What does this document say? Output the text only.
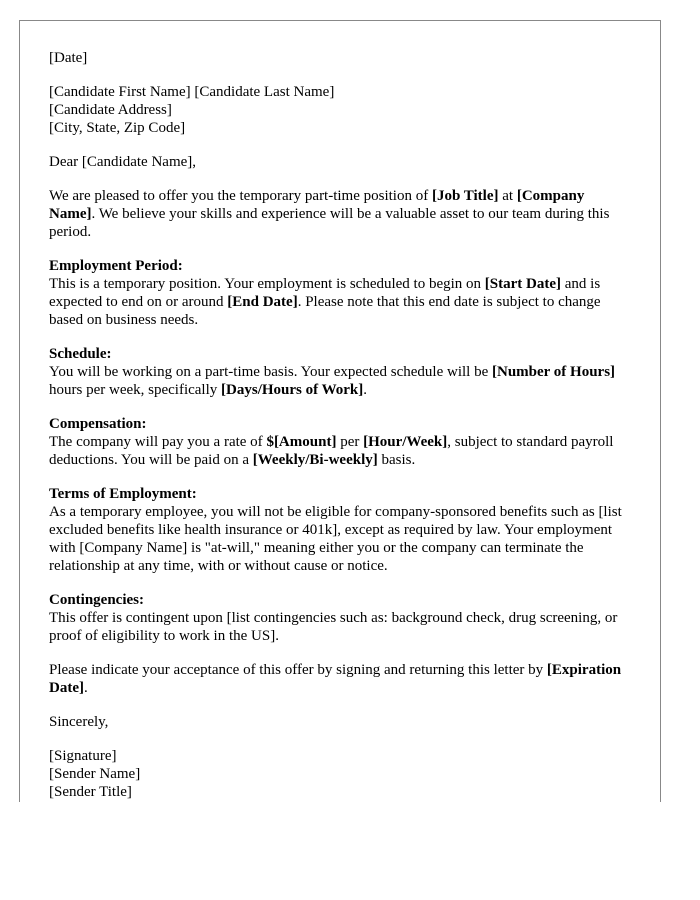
[Date]
[Candidate First Name] [Candidate Last Name]
[Candidate Address]
[City, State, Zip Code]
Dear [Candidate Name],
We are pleased to offer you the temporary part-time position of [Job Title] at [Company Name]. We believe your skills and experience will be a valuable asset to our team during this period.
Employment Period:
This is a temporary position. Your employment is scheduled to begin on [Start Date] and is expected to end on or around [End Date]. Please note that this end date is subject to change based on business needs.
Schedule:
You will be working on a part-time basis. Your expected schedule will be [Number of Hours] hours per week, specifically [Days/Hours of Work].
Compensation:
The company will pay you a rate of $[Amount] per [Hour/Week], subject to standard payroll deductions. You will be paid on a [Weekly/Bi-weekly] basis.
Terms of Employment:
As a temporary employee, you will not be eligible for company-sponsored benefits such as [list excluded benefits like health insurance or 401k], except as required by law. Your employment with [Company Name] is "at-will," meaning either you or the company can terminate the relationship at any time, with or without cause or notice.
Contingencies:
This offer is contingent upon [list contingencies such as: background check, drug screening, or proof of eligibility to work in the US].
Please indicate your acceptance of this offer by signing and returning this letter by [Expiration Date].
Sincerely,
[Signature]
[Sender Name]
[Sender Title]
